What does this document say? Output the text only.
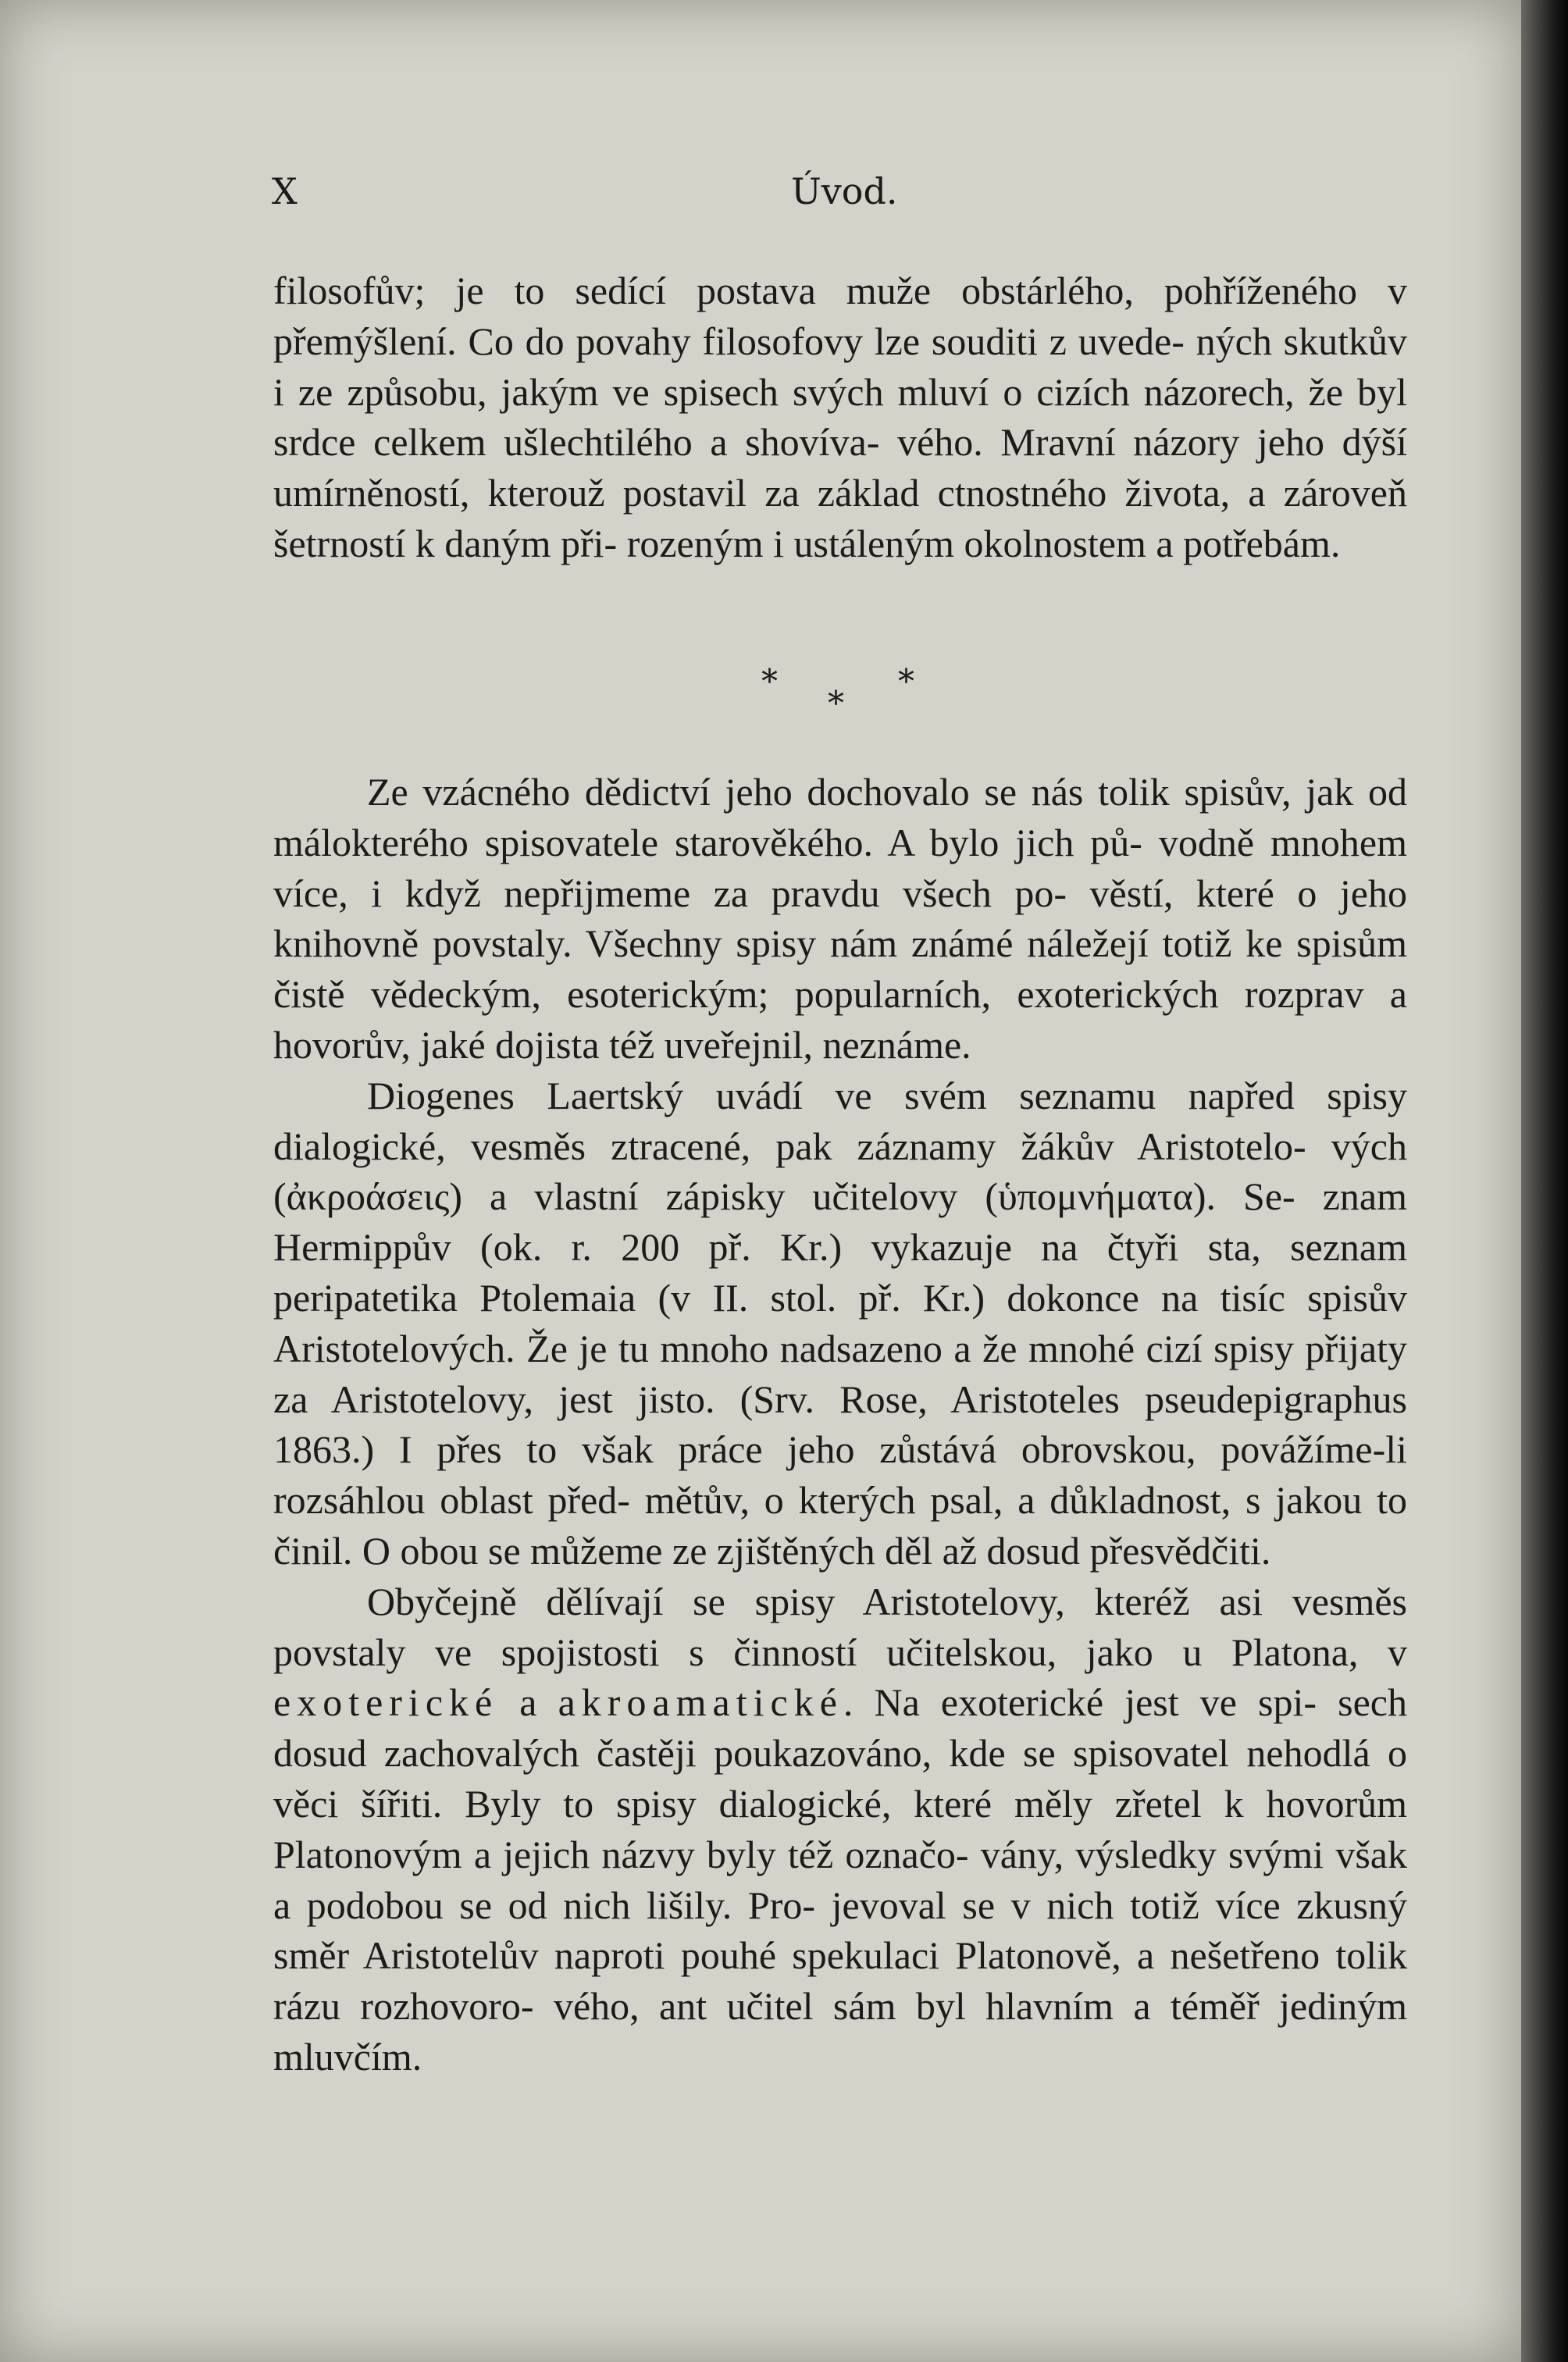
X	Úvod.

filosofův; je to sedící postava muže obstárlého, pohříženého v přemýšlení. Co do povahy filosofovy lze souditi z uvede- ných skutkův i ze způsobu, jakým ve spisech svých mluví o cizích názorech, že byl srdce celkem ušlechtilého a shovíva- vého. Mravní názory jeho dýší umírněností, kterouž postavil za základ ctnostného života, a zároveň šetrností k daným při- rozeným i ustáleným okolnostem a potřebám.

*
*
*

Ze vzácného dědictví jeho dochovalo se nás tolik spisův, jak od málokterého spisovatele starověkého. A bylo jich pů- vodně mnohem více, i když nepřijmeme za pravdu všech po- věstí, které o jeho knihovně povstaly. Všechny spisy nám známé náležejí totiž ke spisům čistě vědeckým, esoterickým; popularních, exoterických rozprav a hovorův, jaké dojista též uveřejnil, neznáme.

Diogenes Laertský uvádí ve svém seznamu napřed spisy dialogické, vesměs ztracené, pak záznamy žákův Aristotelo- vých (ἀκροάσεις) a vlastní zápisky učitelovy (ὑπομνήματα). Se- znam Hermippův (ok. r. 200 př. Kr.) vykazuje na čtyři sta, seznam peripatetika Ptolemaia (v II. stol. př. Kr.) dokonce na tisíc spisův Aristotelových. Že je tu mnoho nadsazeno a že mnohé cizí spisy přijaty za Aristotelovy, jest jisto. (Srv. Rose, Aristoteles pseudepigraphus 1863.) I přes to však práce jeho zůstává obrovskou, povážíme-li rozsáhlou oblast před- mětův, o kterých psal, a důkladnost, s jakou to činil. O obou se můžeme ze zjištěných děl až dosud přesvědčiti.

Obyčejně dělívají se spisy Aristotelovy, kteréž asi vesměs povstaly ve spojistosti s činností učitelskou, jako u Platona, v exoterické a akroamatické. Na exoterické jest ve spi- sech dosud zachovalých častěji poukazováno, kde se spisovatel nehodlá o věci šířiti. Byly to spisy dialogické, které měly zřetel k hovorům Platonovým a jejich názvy byly též označo- vány, výsledky svými však a podobou se od nich lišily. Pro- jevoval se v nich totiž více zkusný směr Aristotelův naproti pouhé spekulaci Platonově, a nešetřeno tolik rázu rozhovoro- vého, ant učitel sám byl hlavním a téměř jediným mluvčím.
